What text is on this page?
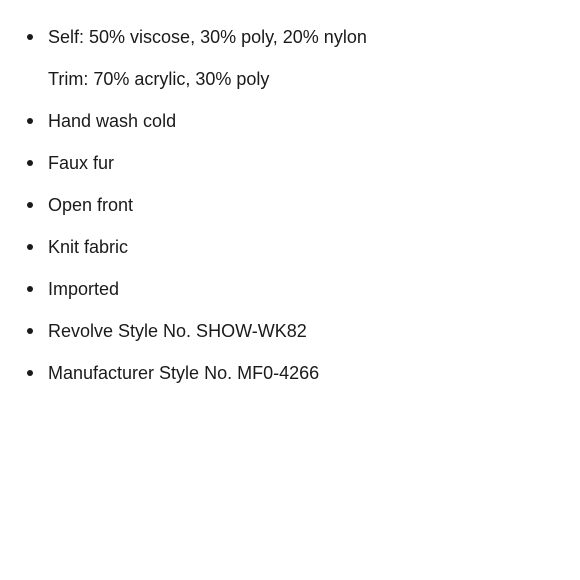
Self: 50% viscose, 30% poly, 20% nylon
Trim: 70% acrylic, 30% poly
Hand wash cold
Faux fur
Open front
Knit fabric
Imported
Revolve Style No. SHOW-WK82
Manufacturer Style No. MF0-4266
